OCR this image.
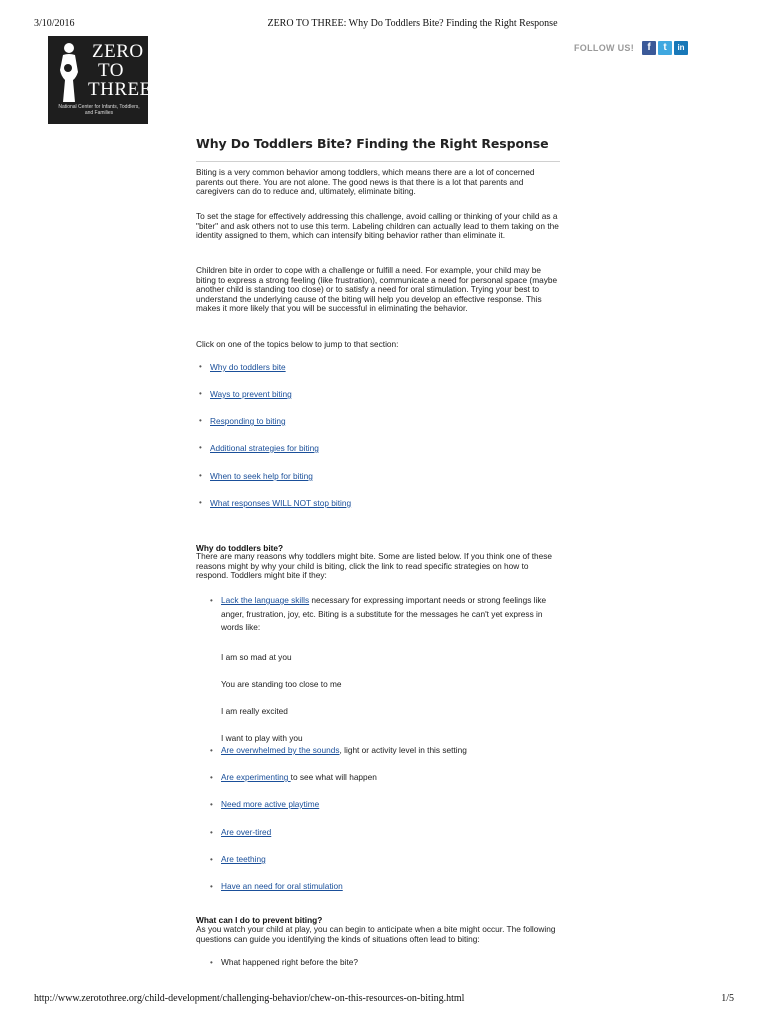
3/10/2016	ZERO TO THREE: Why Do Toddlers Bite? Finding the Right Response
ZERO
TO
THREE
National Center for Infants, Toddlers, and Families
FOLLOW US!	f	t	in
Why Do Toddlers Bite? Finding the Right Response

Biting is a very common behavior among toddlers, which means there are a lot of concerned parents out there. You are not alone. The good news is that there is a lot that parents and caregivers can do to reduce and, ultimately, eliminate biting.

To set the stage for effectively addressing this challenge, avoid calling or thinking of your child as a "biter" and ask others not to use this term. Labeling children can actually lead to them taking on the identity assigned to them, which can intensify biting behavior rather than eliminate it.

Children bite in order to cope with a challenge or fulfill a need. For example, your child may be biting to express a strong feeling (like frustration), communicate a need for personal space (maybe another child is standing too close) or to satisfy a need for oral stimulation. Trying your best to understand the underlying cause of the biting will help you develop an effective response. This makes it more likely that you will be successful in eliminating the behavior.

Click on one of the topics below to jump to that section:

• Why do toddlers bite
• Ways to prevent biting
• Responding to biting
• Additional strategies for biting
• When to seek help for biting
• What responses WILL NOT stop biting
Why do toddlers bite?

There are many reasons why toddlers might bite. Some are listed below. If you think one of these reasons might by why your child is biting, click the link to read specific strategies on how to respond. Toddlers might bite if they:

• Lack the language skills necessary for expressing important needs or strong feelings like anger, frustration, joy, etc. Biting is a substitute for the messages he can't yet express in words like:
I am so mad at you
You are standing too close to me
I am really excited
I want to play with you
• Are overwhelmed by the sounds, light or activity level in this setting
• Are experimenting to see what will happen
• Need more active playtime
• Are over-tired
• Are teething
• Have an need for oral stimulation
What can I do to prevent biting?

As you watch your child at play, you can begin to anticipate when a bite might occur. The following questions can guide you identifying the kinds of situations often lead to biting:

• What happened right before the bite?
http://www.zerotothree.org/child-development/challenging-behavior/chew-on-this-resources-on-biting.html	1/5
